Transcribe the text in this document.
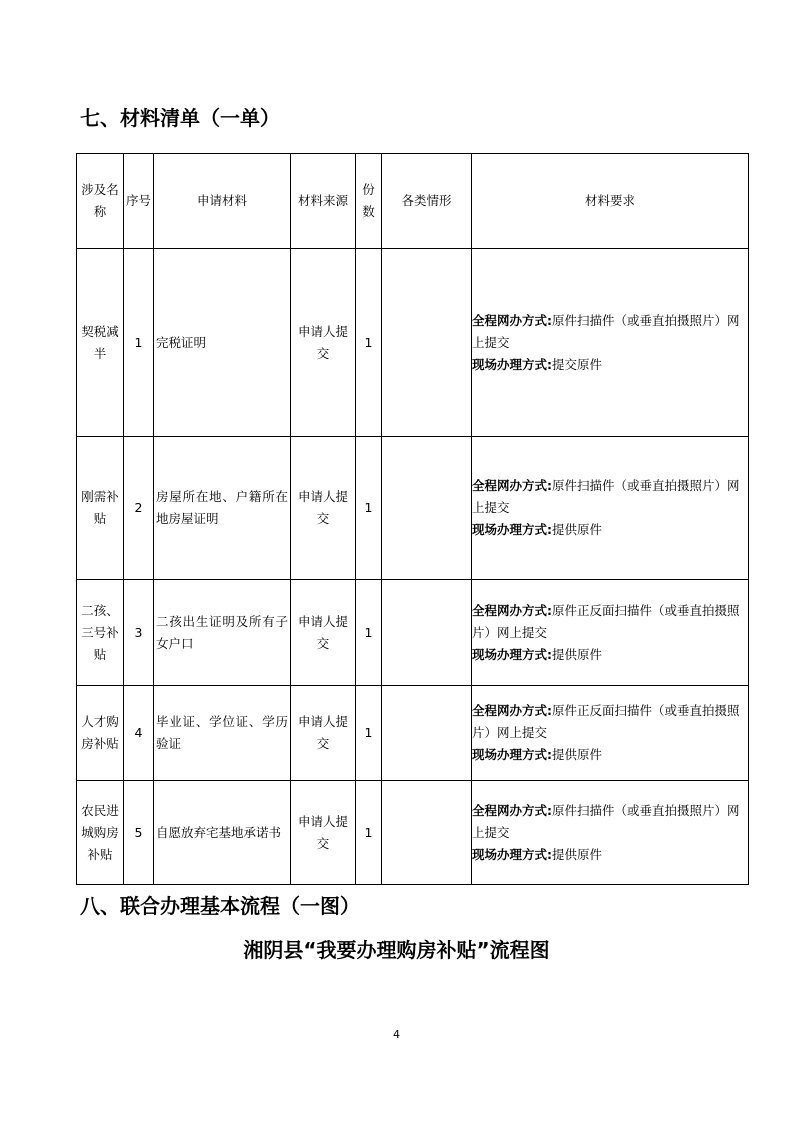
七、材料清单（一单）
涉及名称	序号	申请材料	材料来源	份数	各类情形	材料要求
契税减半	1	完税证明	申请人提交	1		全程网办方式:原件扫描件（或垂直拍摄照片）网上提交
现场办理方式:提交原件

刚需补贴	2	房屋所在地、户籍所在地房屋证明	申请人提交	1		全程网办方式:原件扫描件（或垂直拍摄照片）网上提交
现场办理方式:提供原件

二孩、三号补贴	3	二孩出生证明及所有子女户口	申请人提交	1		全程网办方式:原件正反面扫描件（或垂直拍摄照片）网上提交
现场办理方式:提供原件

人才购房补贴	4	毕业证、学位证、学历验证	申请人提交	1		全程网办方式:原件正反面扫描件（或垂直拍摄照片）网上提交
现场办理方式:提供原件

农民进城购房补贴	5	自愿放弃宅基地承诺书	申请人提交	1		全程网办方式:原件扫描件（或垂直拍摄照片）网上提交
现场办理方式:提供原件
八、联合办理基本流程（一图）
湘阴县“我要办理购房补贴”流程图
4
